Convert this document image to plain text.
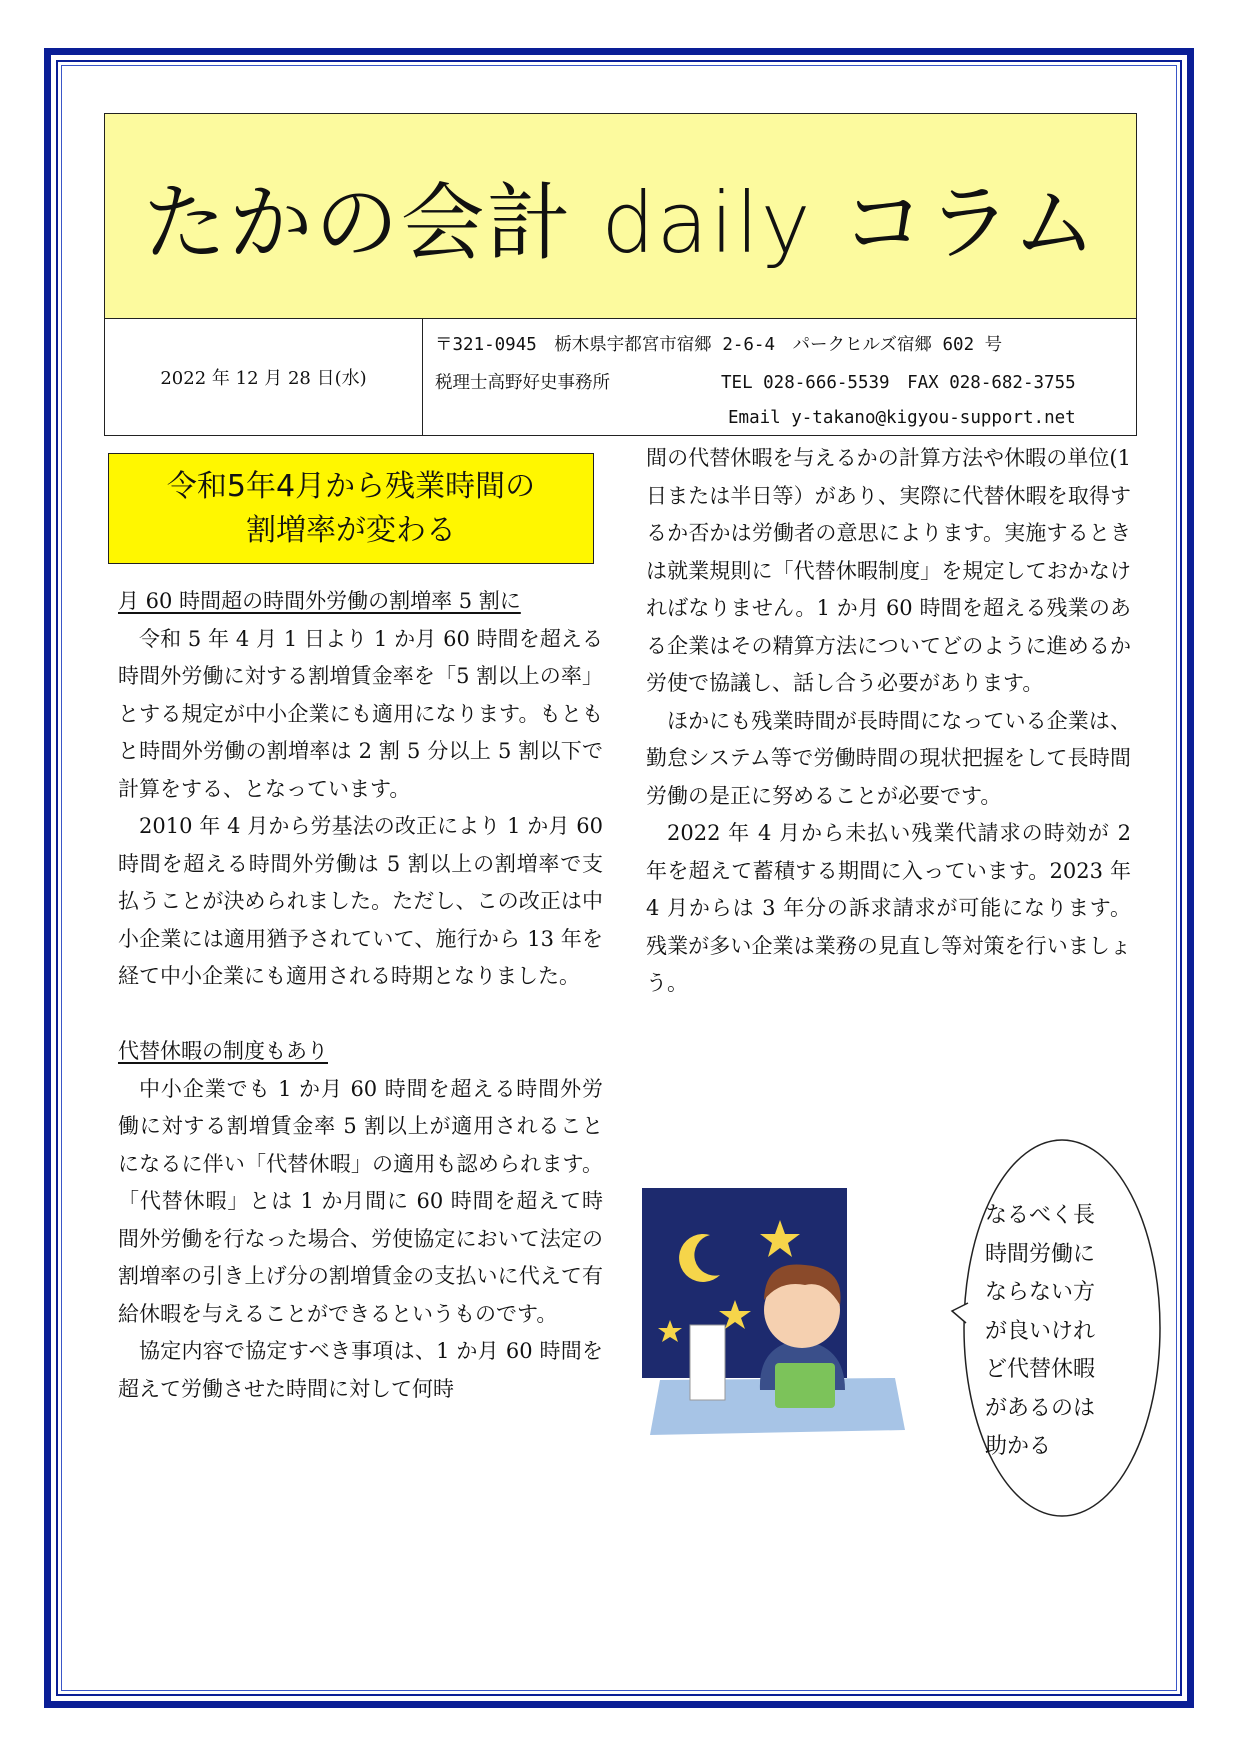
たかの会計 daily コラム
2022 年 12 月 28 日(水)
〒321-0945　栃木県宇都宮市宿郷 2-6-4　パークヒルズ宿郷 602 号
税理士高野好史事務所	TEL 028-666-5539　FAX 028-682-3755
Email y-takano@kigyou-support.net
令和5年4月から残業時間の
割増率が変わる

月 60 時間超の時間外労働の割増率 5 割に

令和 5 年 4 月 1 日より 1 か月 60 時間を超える時間外労働に対する割増賃金率を「5 割以上の率」とする規定が中小企業にも適用になります。もともと時間外労働の割増率は 2 割 5 分以上 5 割以下で計算をする、となっています。

2010 年 4 月から労基法の改正により 1 か月 60 時間を超える時間外労働は 5 割以上の割増率で支払うことが決められました。ただし、この改正は中小企業には適用猶予されていて、施行から 13 年を経て中小企業にも適用される時期となりました。

代替休暇の制度もあり

中小企業でも 1 か月 60 時間を超える時間外労働に対する割増賃金率 5 割以上が適用されることになるに伴い「代替休暇」の適用も認められます。「代替休暇」とは 1 か月間に 60 時間を超えて時間外労働を行なった場合、労使協定において法定の割増率の引き上げ分の割増賃金の支払いに代えて有給休暇を与えることができるというものです。

協定内容で協定すべき事項は、1 か月 60 時間を超えて労働させた時間に対して何時

間の代替休暇を与えるかの計算方法や休暇の単位(1 日または半日等）があり、実際に代替休暇を取得するか否かは労働者の意思によります。実施するときは就業規則に「代替休暇制度」を規定しておかなければなりません。1 か月 60 時間を超える残業のある企業はその精算方法についてどのように進めるか労使で協議し、話し合う必要があります。

ほかにも残業時間が長時間になっている企業は、勤怠システム等で労働時間の現状把握をして長時間労働の是正に努めることが必要です。

2022 年 4 月から未払い残業代請求の時効が 2 年を超えて蓄積する期間に入っています。2023 年 4 月からは 3 年分の訴求請求が可能になります。残業が多い企業は業務の見直し等対策を行いましょう。

なるべく長
時間労働に
ならない方
が良いけれ
ど代替休暇
があるのは
助かる
